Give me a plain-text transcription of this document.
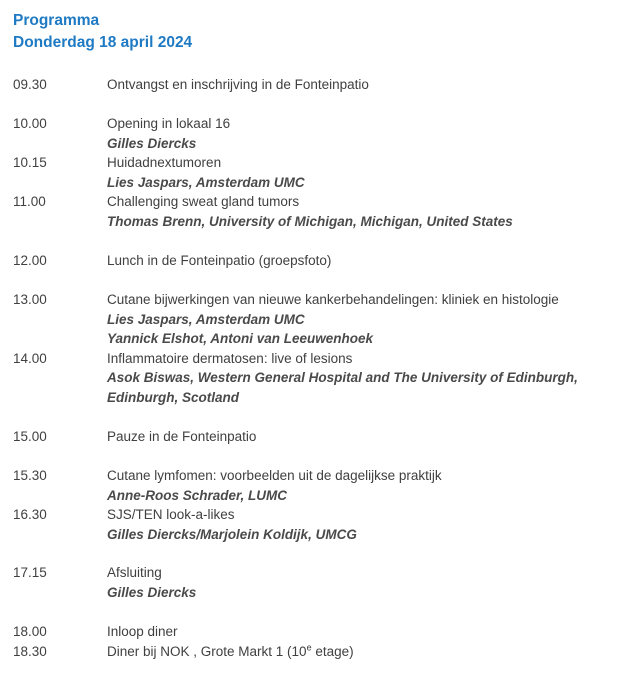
Programma
Donderdag 18 april 2024
09.30	Ontvangst en inschrijving in de Fonteinpatio
10.00	Opening in lokaal 16
Gilles Diercks
10.15	Huidadnextumoren
Lies Jaspars, Amsterdam UMC
11.00	Challenging sweat gland tumors
Thomas Brenn, University of Michigan, Michigan, United States
12.00	Lunch in de Fonteinpatio (groepsfoto)
13.00	Cutane bijwerkingen van nieuwe kankerbehandelingen: kliniek en histologie
Lies Jaspars, Amsterdam UMC
Yannick Elshot, Antoni van Leeuwenhoek
14.00	Inflammatoire dermatosen: live of lesions
Asok Biswas, Western General Hospital and The University of Edinburgh,
Edinburgh, Scotland
15.00	Pauze in de Fonteinpatio
15.30	Cutane lymfomen: voorbeelden uit de dagelijkse praktijk
Anne-Roos Schrader, LUMC
16.30	SJS/TEN look-a-likes
Gilles Diercks/Marjolein Koldijk, UMCG
17.15	Afsluiting
Gilles Diercks
18.00	Inloop diner
18.30	Diner bij NOK , Grote Markt 1 (10e etage)
